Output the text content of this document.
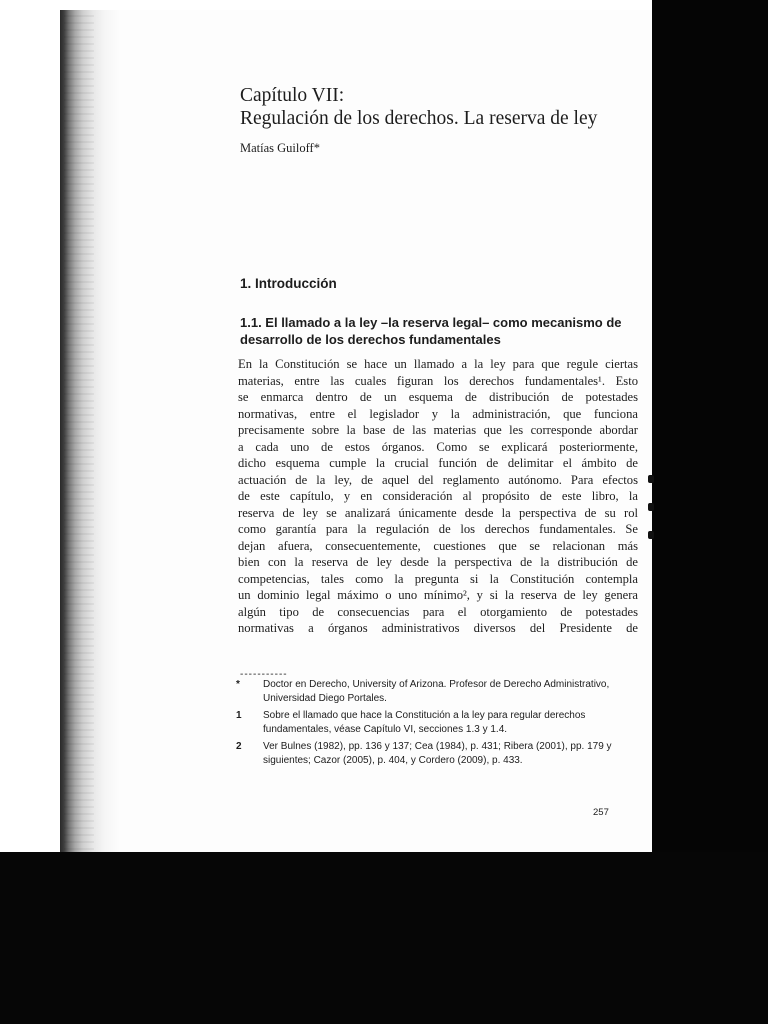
Capítulo VII:
Regulación de los derechos. La reserva de ley
Matías Guiloff*
1. Introducción
1.1. El llamado a la ley –la reserva legal– como mecanismo de
desarrollo de los derechos fundamentales
En la Constitución se hace un llamado a la ley para que regule ciertas
materias, entre las cuales figuran los derechos fundamentales¹. Esto
se enmarca dentro de un esquema de distribución de potestades
normativas, entre el legislador y la administración, que funciona
precisamente sobre la base de las materias que les corresponde abordar
a cada uno de estos órganos. Como se explicará posteriormente,
dicho esquema cumple la crucial función de delimitar el ámbito de
actuación de la ley, de aquel del reglamento autónomo. Para efectos
de este capítulo, y en consideración al propósito de este libro, la
reserva de ley se analizará únicamente desde la perspectiva de su rol
como garantía para la regulación de los derechos fundamentales. Se
dejan afuera, consecuentemente, cuestiones que se relacionan más
bien con la reserva de ley desde la perspectiva de la distribución de
competencias, tales como la pregunta si la Constitución contempla
un dominio legal máximo o uno mínimo², y si la reserva de ley genera
algún tipo de consecuencias para el otorgamiento de potestades
normativas a órganos administrativos diversos del Presidente de
-----------
*	Doctor en Derecho, University of Arizona. Profesor de Derecho Administrativo,
Universidad Diego Portales.
1	Sobre el llamado que hace la Constitución a la ley para regular derechos
fundamentales, véase Capítulo VI, secciones 1.3 y 1.4.
2	Ver Bulnes (1982), pp. 136 y 137; Cea (1984), p. 431; Ribera (2001), pp. 179 y
siguientes; Cazor (2005), p. 404, y Cordero (2009), p. 433.
257
